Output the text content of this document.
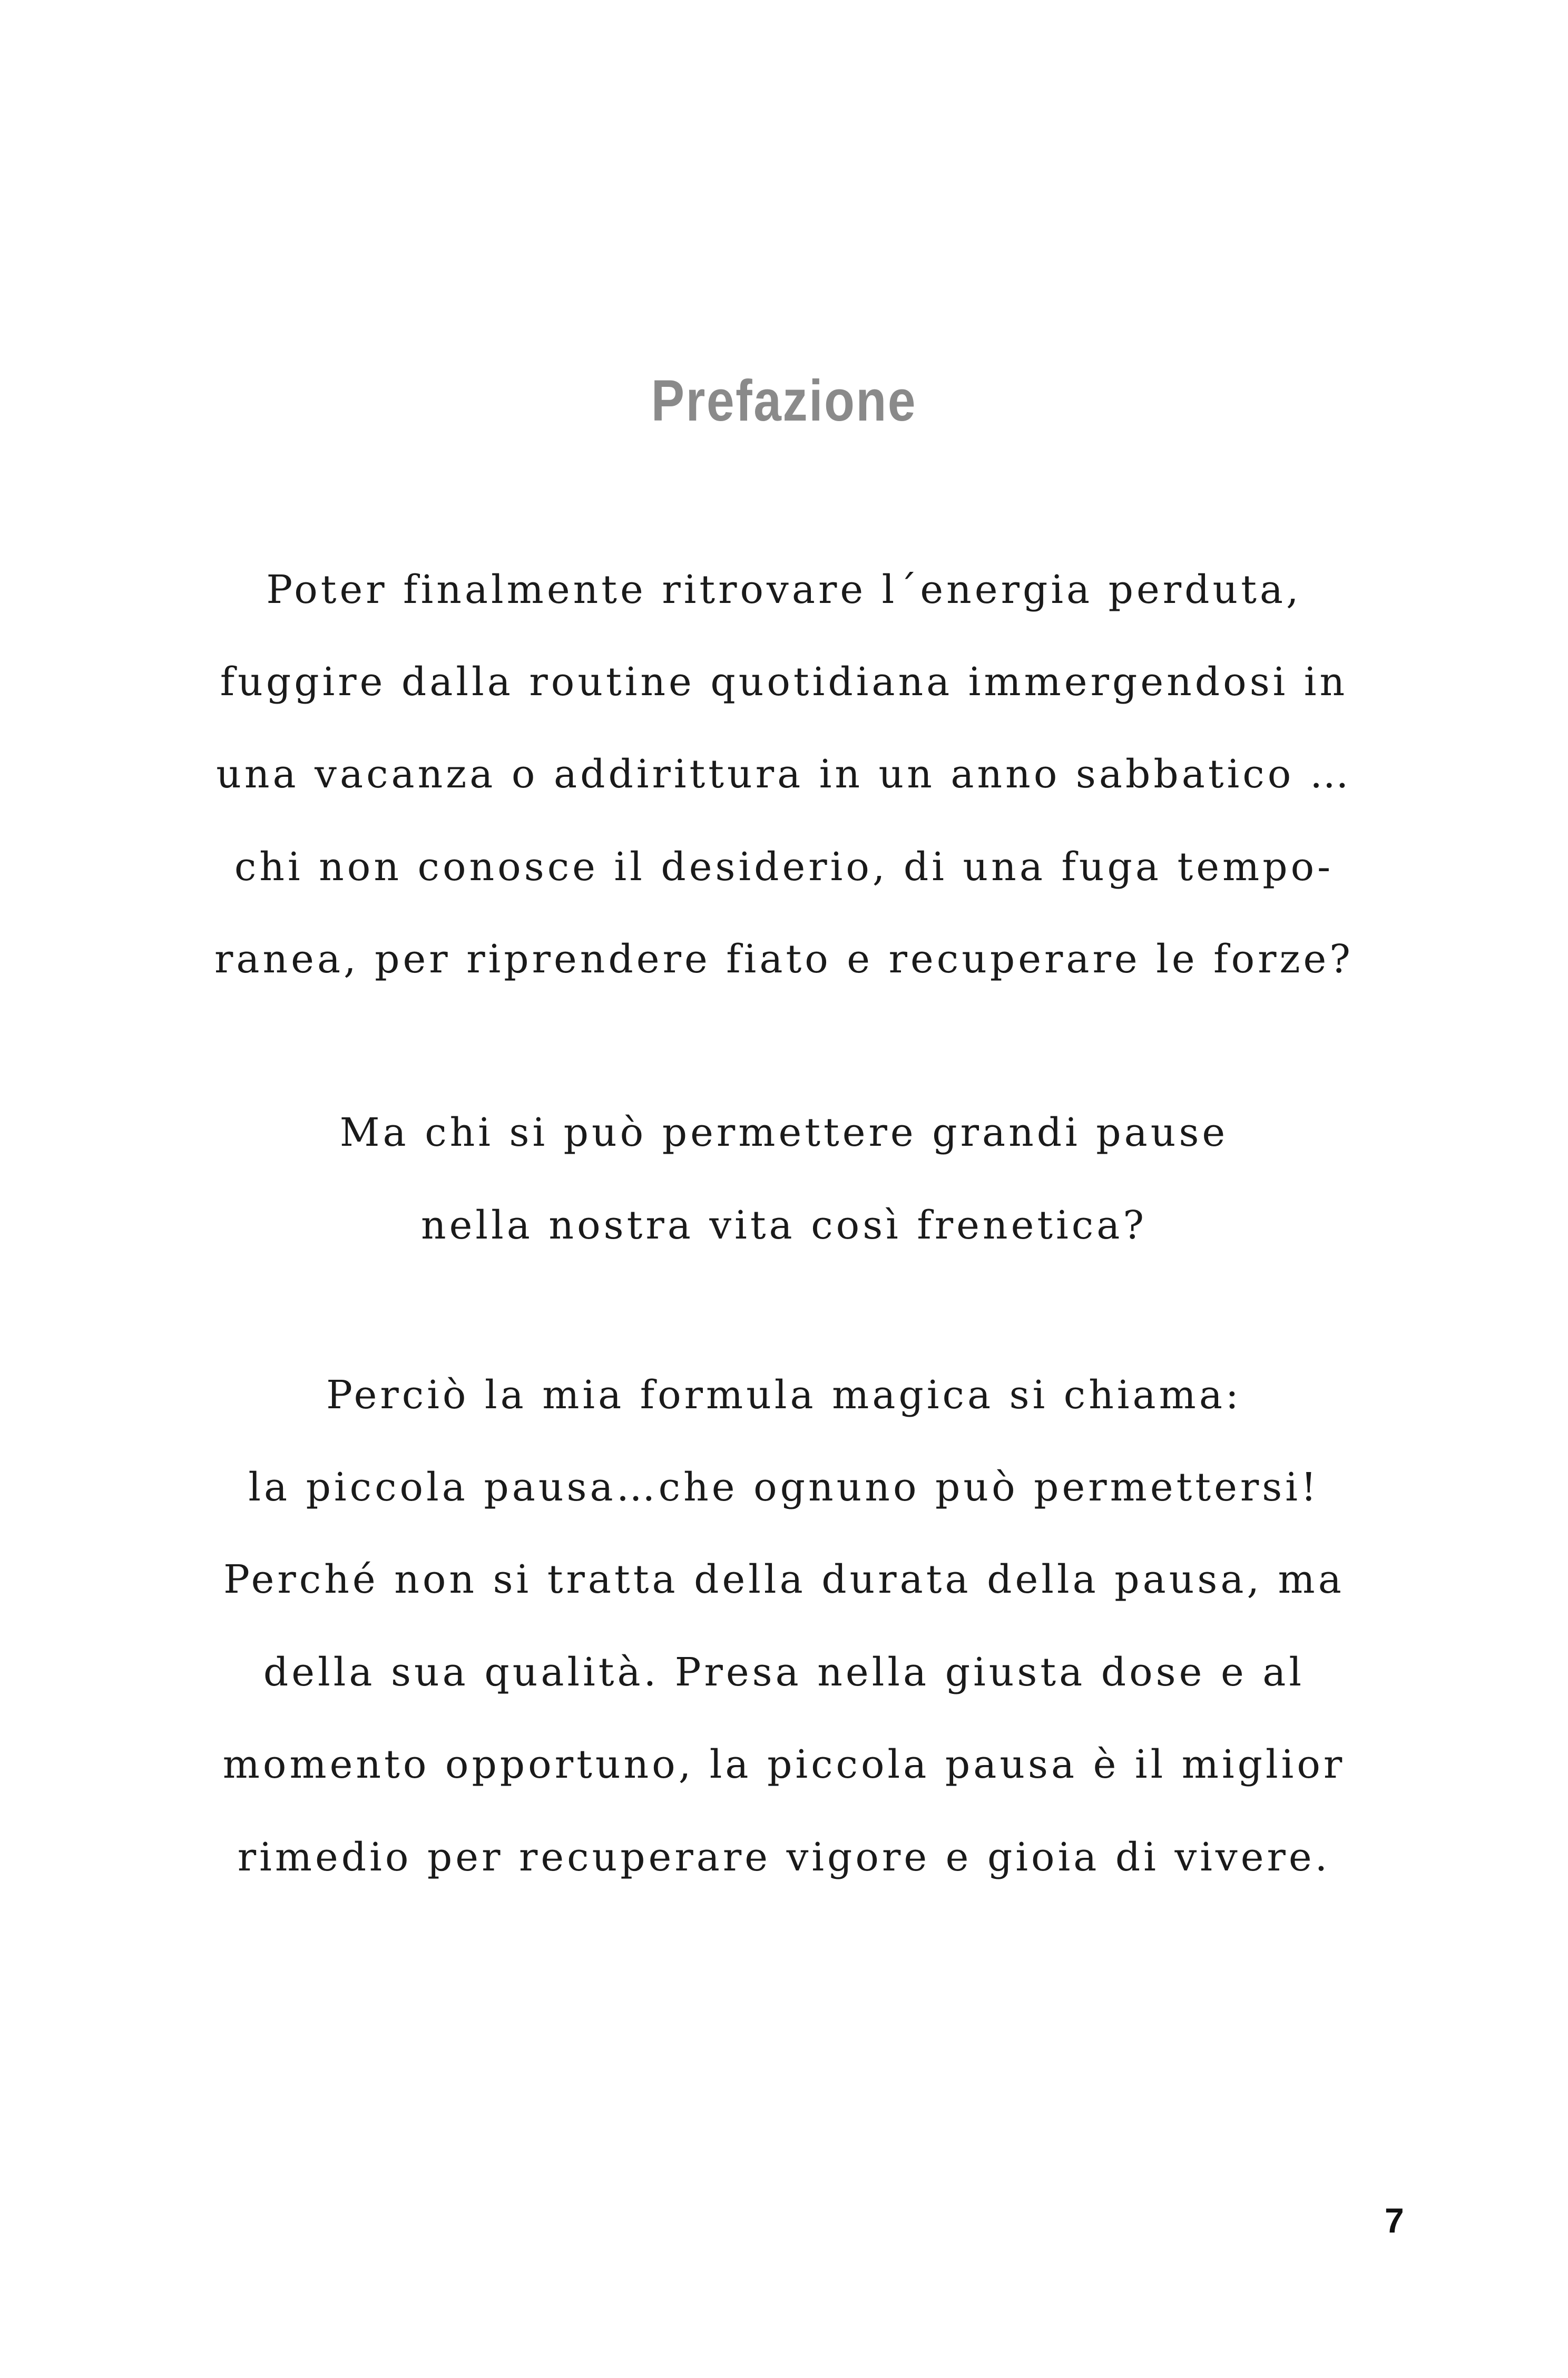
Prefazione
Poter finalmente ritrovare l´energia perduta,
fuggire dalla routine quotidiana immergendosi in
una vacanza o addirittura in un anno sabbatico …
chi non conosce il desiderio, di una fuga tempo-
ranea, per riprendere fiato e recuperare le forze?
Ma chi si può permettere grandi pause
nella nostra vita così frenetica?
Perciò la mia formula magica si chiama:
la piccola pausa…che ognuno può permettersi!
Perché non si tratta della durata della pausa, ma
della sua qualità. Presa nella giusta dose e al
momento opportuno, la piccola pausa è il miglior
rimedio per recuperare vigore e gioia di vivere.
7
